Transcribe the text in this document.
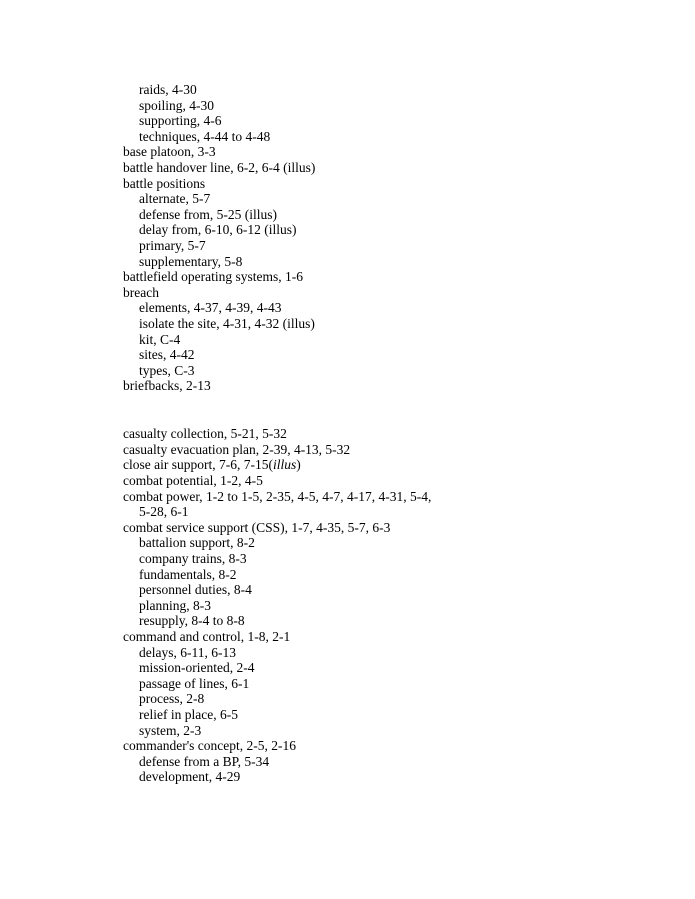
raids, 4-30
spoiling, 4-30
supporting, 4-6
techniques, 4-44 to 4-48
base platoon, 3-3
battle handover line, 6-2, 6-4 (illus)
battle positions
alternate, 5-7
defense from, 5-25 (illus)
delay from, 6-10, 6-12 (illus)
primary, 5-7
supplementary, 5-8
battlefield operating systems, 1-6
breach
elements, 4-37, 4-39, 4-43
isolate the site, 4-31, 4-32 (illus)
kit, C-4
sites, 4-42
types, C-3
briefbacks, 2-13
casualty collection, 5-21, 5-32
casualty evacuation plan, 2-39, 4-13, 5-32
close air support, 7-6, 7-15(illus)
combat potential, 1-2, 4-5
combat power, 1-2 to 1-5, 2-35, 4-5, 4-7, 4-17, 4-31, 5-4,
5-28, 6-1
combat service support (CSS), 1-7, 4-35, 5-7, 6-3
battalion support, 8-2
company trains, 8-3
fundamentals, 8-2
personnel duties, 8-4
planning, 8-3
resupply, 8-4 to 8-8
command and control, 1-8, 2-1
delays, 6-11, 6-13
mission-oriented, 2-4
passage of lines, 6-1
process, 2-8
relief in place, 6-5
system, 2-3
commander's concept, 2-5, 2-16
defense from a BP, 5-34
development, 4-29
